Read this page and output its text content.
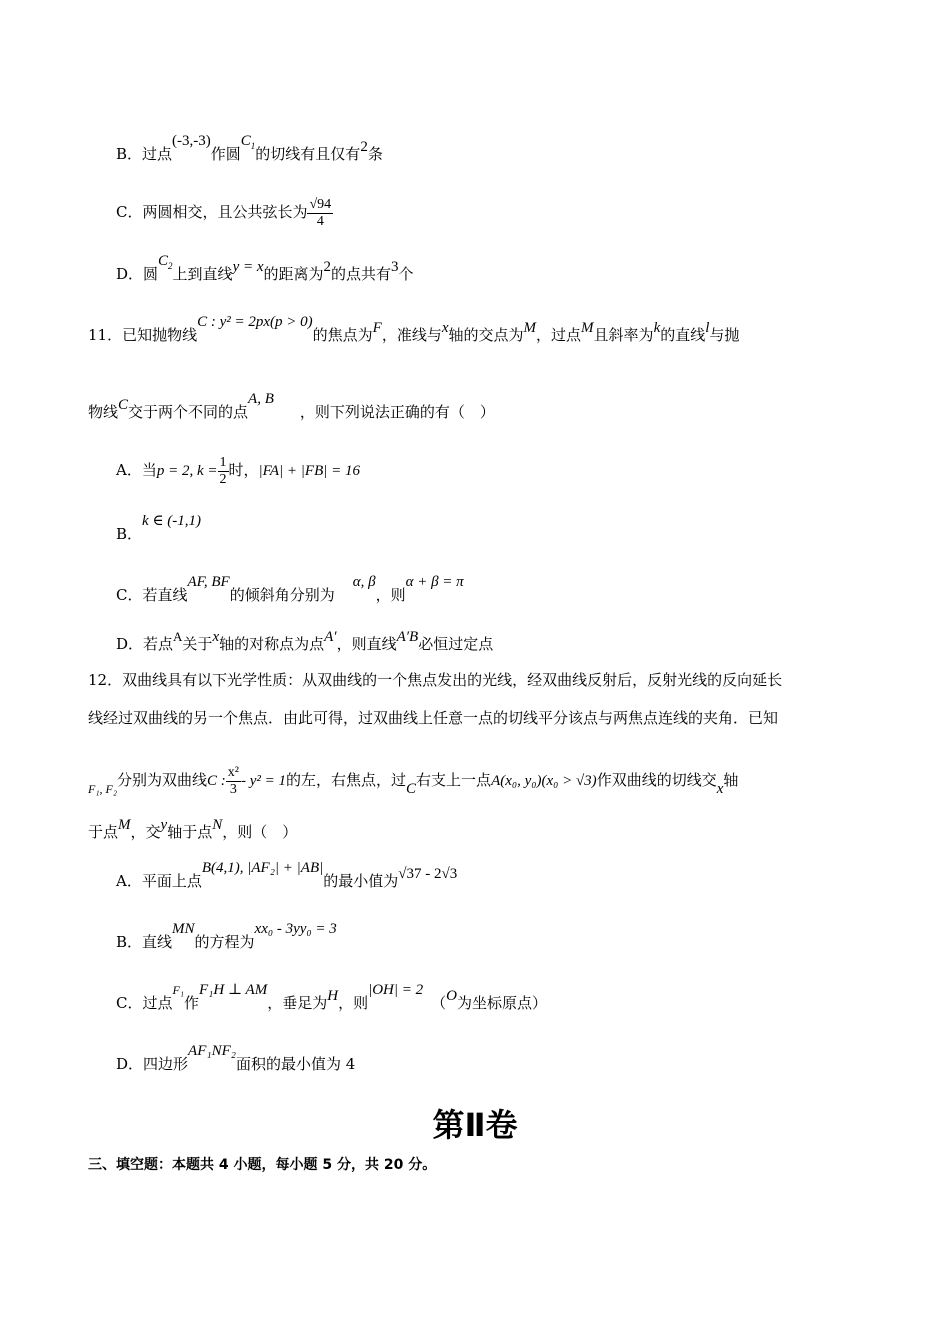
B．过点(-3,-3)作圆$C_1$的切线有且仅有2条
C．两圆相交，且公共弦长为 $\frac{√94}{4}$
D．圆$C_2$上到直线y = x的距离为2的点共有3个
11．已知抛物线C : y² = 2px(p > 0)的焦点为F，准线与x轴的交点为M，过点M且斜率为k的直线l与抛
物线C交于两个不同的点A, B，则下列说法正确的有（　）
A．当p = 2, $k = \frac{1}{2}$ 时，|FA| + |FB| = 16
B．k ∈ (-1,1)
C．若直线AF, BF的倾斜角分别为α, β，则α + β = π
D．若点A关于x轴的对称点为点A′，则直线A′B必恒过定点
12．双曲线具有以下光学性质：从双曲线的一个焦点发出的光线，经双曲线反射后，反射光线的反向延长
线经过双曲线的另一个焦点．由此可得，过双曲线上任意一点的切线平分该点与两焦点连线的夹角．已知
$_{F_1, F_2}$分别为双曲线C : $\frac{\text{x²}}{3} - y^2 = 1$的左，右焦点，过C右支上一点A(x₀, y₀)(x₀ > √3)作双曲线的切线交x轴
于点M，交y轴于点N，则（　）
A．平面上点B(4,1), |AF₂| + |AB|的最小值为√37 - 2√3
B．直线MN的方程为xx₀ - 3yy₀ = 3
C．过点$^{F_1}$作F₁H ⊥ AM，垂足为H，则|OH| = 2（O为坐标原点）
D．四边形AF₁NF₂面积的最小值为 4
第Ⅱ卷
三、填空题：本题共 4 小题，每小题 5 分，共 20 分。
